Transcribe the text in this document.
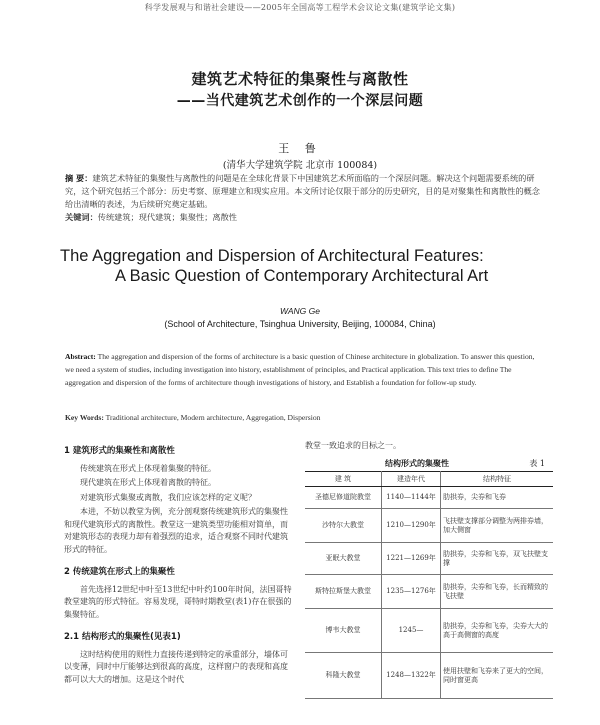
科学发展观与和谐社会建设——2005年全国高等工程学术会议论文集(建筑学论文集)
建筑艺术特征的集聚性与离散性
——当代建筑艺术创作的一个深层问题
王 鲁
(清华大学建筑学院 北京市 100084)
摘 要：建筑艺术特征的集聚性与离散性的问题是在全球化背景下中国建筑艺术所面临的一个深层问题。解决这个问题需要系统的研究，这个研究包括三个部分：历史考察、原理建立和现实应用。本文所讨论仅限于部分的历史研究，目的是对聚集性和离散性的概念给出清晰的表述，为后续研究奠定基础。
关键词：传统建筑；现代建筑；集聚性；离散性
The Aggregation and Dispersion of Architectural Features:
A Basic Question of Contemporary Architectural Art
WANG Ge
(School of Architecture, Tsinghua University, Beijing, 100084, China)
Abstract: The aggregation and dispersion of the forms of architecture is a basic question of Chinese architecture in globalization. To answer this question, we need a system of studies, including investigation into history, establishment of principles, and Practical application. This text tries to define The aggregation and dispersion of the forms of architecture though investigations of history, and Establish a foundation for follow-up study.
Key Words: Traditional architecture, Modern architecture, Aggregation, Dispersion
1 建筑形式的集聚性和离散性

传统建筑在形式上体现着集聚的特征。

现代建筑在形式上体现着离散的特征。

对建筑形式集聚或离散，我们应该怎样的定义呢？

本进，不妨以教堂为例，充分剖观察传统建筑形式的集聚性和现代建筑形式的离散性。教堂这一建筑类型功能相对简单，而对建筑形态的表现力却有着强烈的追求，适合观察不同时代建筑形式的特征。

2 传统建筑在形式上的集聚性

首先选择12世纪中叶至13世纪中叶约100年时间，法国哥特教堂建筑的形式特征。容易发现，哥特时期教堂(表1)存在很强的集聚特征。

2.1 结构形式的集聚性(见表1)

这时结构使用的则性力直接传递到特定的承重部分，墙体可以变薄，同时中厅能够达到很高的高度，这样窗户的表现和高度都可以大大的增加。这是这个时代

教堂一致追求的目标之一。
结构形式的集聚性	表 1
建 筑	建造年代	结构特征
圣德尼修道院教堂	1140—1144年	肋拱券，尖券和飞券
沙特尔大教堂	1210—1290年	飞扶壁支撑部分调整为两排券墙，加大侧窗
亚眠大教堂	1221—1269年	肋拱券，尖券和飞券，双飞扶壁支撑
斯特拉斯堡大教堂	1235—1276年	肋拱券，尖券和飞券，长而精致的飞扶壁
博韦大教堂	1245—	肋拱券，尖券和飞券，尖券大大的高于高侧窗的高度
科隆大教堂	1248—1322年	使用扶壁和飞券来了更大的空间，同时窗更高
